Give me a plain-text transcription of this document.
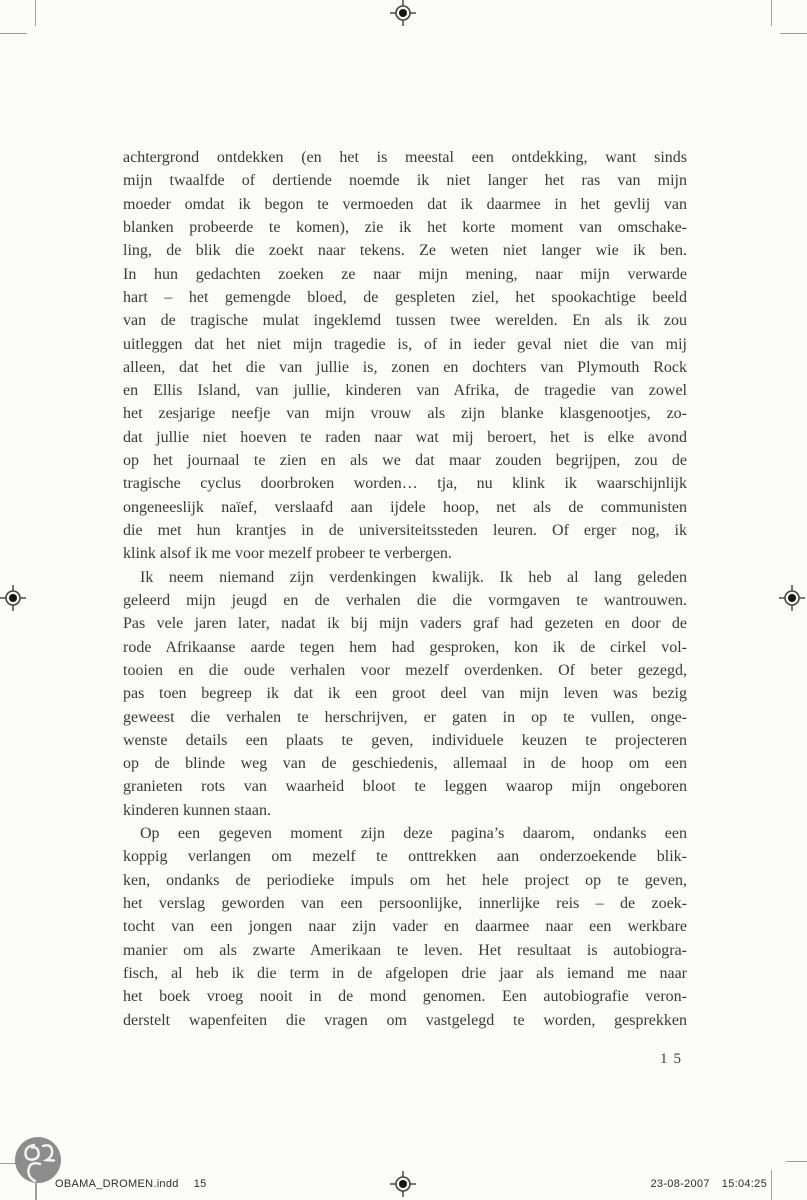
achtergrond ontdekken (en het is meestal een ontdekking, want sinds
mijn twaalfde of dertiende noemde ik niet langer het ras van mijn
moeder omdat ik begon te vermoeden dat ik daarmee in het gevlij van
blanken probeerde te komen), zie ik het korte moment van omschake-
ling, de blik die zoekt naar tekens. Ze weten niet langer wie ik ben.
In hun gedachten zoeken ze naar mijn mening, naar mijn verwarde
hart – het gemengde bloed, de gespleten ziel, het spookachtige beeld
van de tragische mulat ingeklemd tussen twee werelden. En als ik zou
uitleggen dat het niet mijn tragedie is, of in ieder geval niet die van mij
alleen, dat het die van jullie is, zonen en dochters van Plymouth Rock
en Ellis Island, van jullie, kinderen van Afrika, de tragedie van zowel
het zesjarige neefje van mijn vrouw als zijn blanke klasgenootjes, zo-
dat jullie niet hoeven te raden naar wat mij beroert, het is elke avond
op het journaal te zien en als we dat maar zouden begrijpen, zou de
tragische cyclus doorbroken worden… tja, nu klink ik waarschijnlijk
ongeneeslijk naïef, verslaafd aan ijdele hoop, net als de communisten
die met hun krantjes in de universiteitssteden leuren. Of erger nog, ik
klink alsof ik me voor mezelf probeer te verbergen.
Ik neem niemand zijn verdenkingen kwalijk. Ik heb al lang geleden
geleerd mijn jeugd en de verhalen die die vormgaven te wantrouwen.
Pas vele jaren later, nadat ik bij mijn vaders graf had gezeten en door de
rode Afrikaanse aarde tegen hem had gesproken, kon ik de cirkel vol-
tooien en die oude verhalen voor mezelf overdenken. Of beter gezegd,
pas toen begreep ik dat ik een groot deel van mijn leven was bezig
geweest die verhalen te herschrijven, er gaten in op te vullen, onge-
wenste details een plaats te geven, individuele keuzen te projecteren
op de blinde weg van de geschiedenis, allemaal in de hoop om een
granieten rots van waarheid bloot te leggen waarop mijn ongeboren
kinderen kunnen staan.
Op een gegeven moment zijn deze pagina’s daarom, ondanks een
koppig verlangen om mezelf te onttrekken aan onderzoekende blik-
ken, ondanks de periodieke impuls om het hele project op te geven,
het verslag geworden van een persoonlijke, innerlijke reis – de zoek-
tocht van een jongen naar zijn vader en daarmee naar een werkbare
manier om als zwarte Amerikaan te leven. Het resultaat is autobiogra-
fisch, al heb ik die term in de afgelopen drie jaar als iemand me naar
het boek vroeg nooit in de mond genomen. Een autobiografie veron-
derstelt wapenfeiten die vragen om vastgelegd te worden, gesprekken
15
OBAMA_DROMEN.indd 15	23-08-2007 15:04:25
